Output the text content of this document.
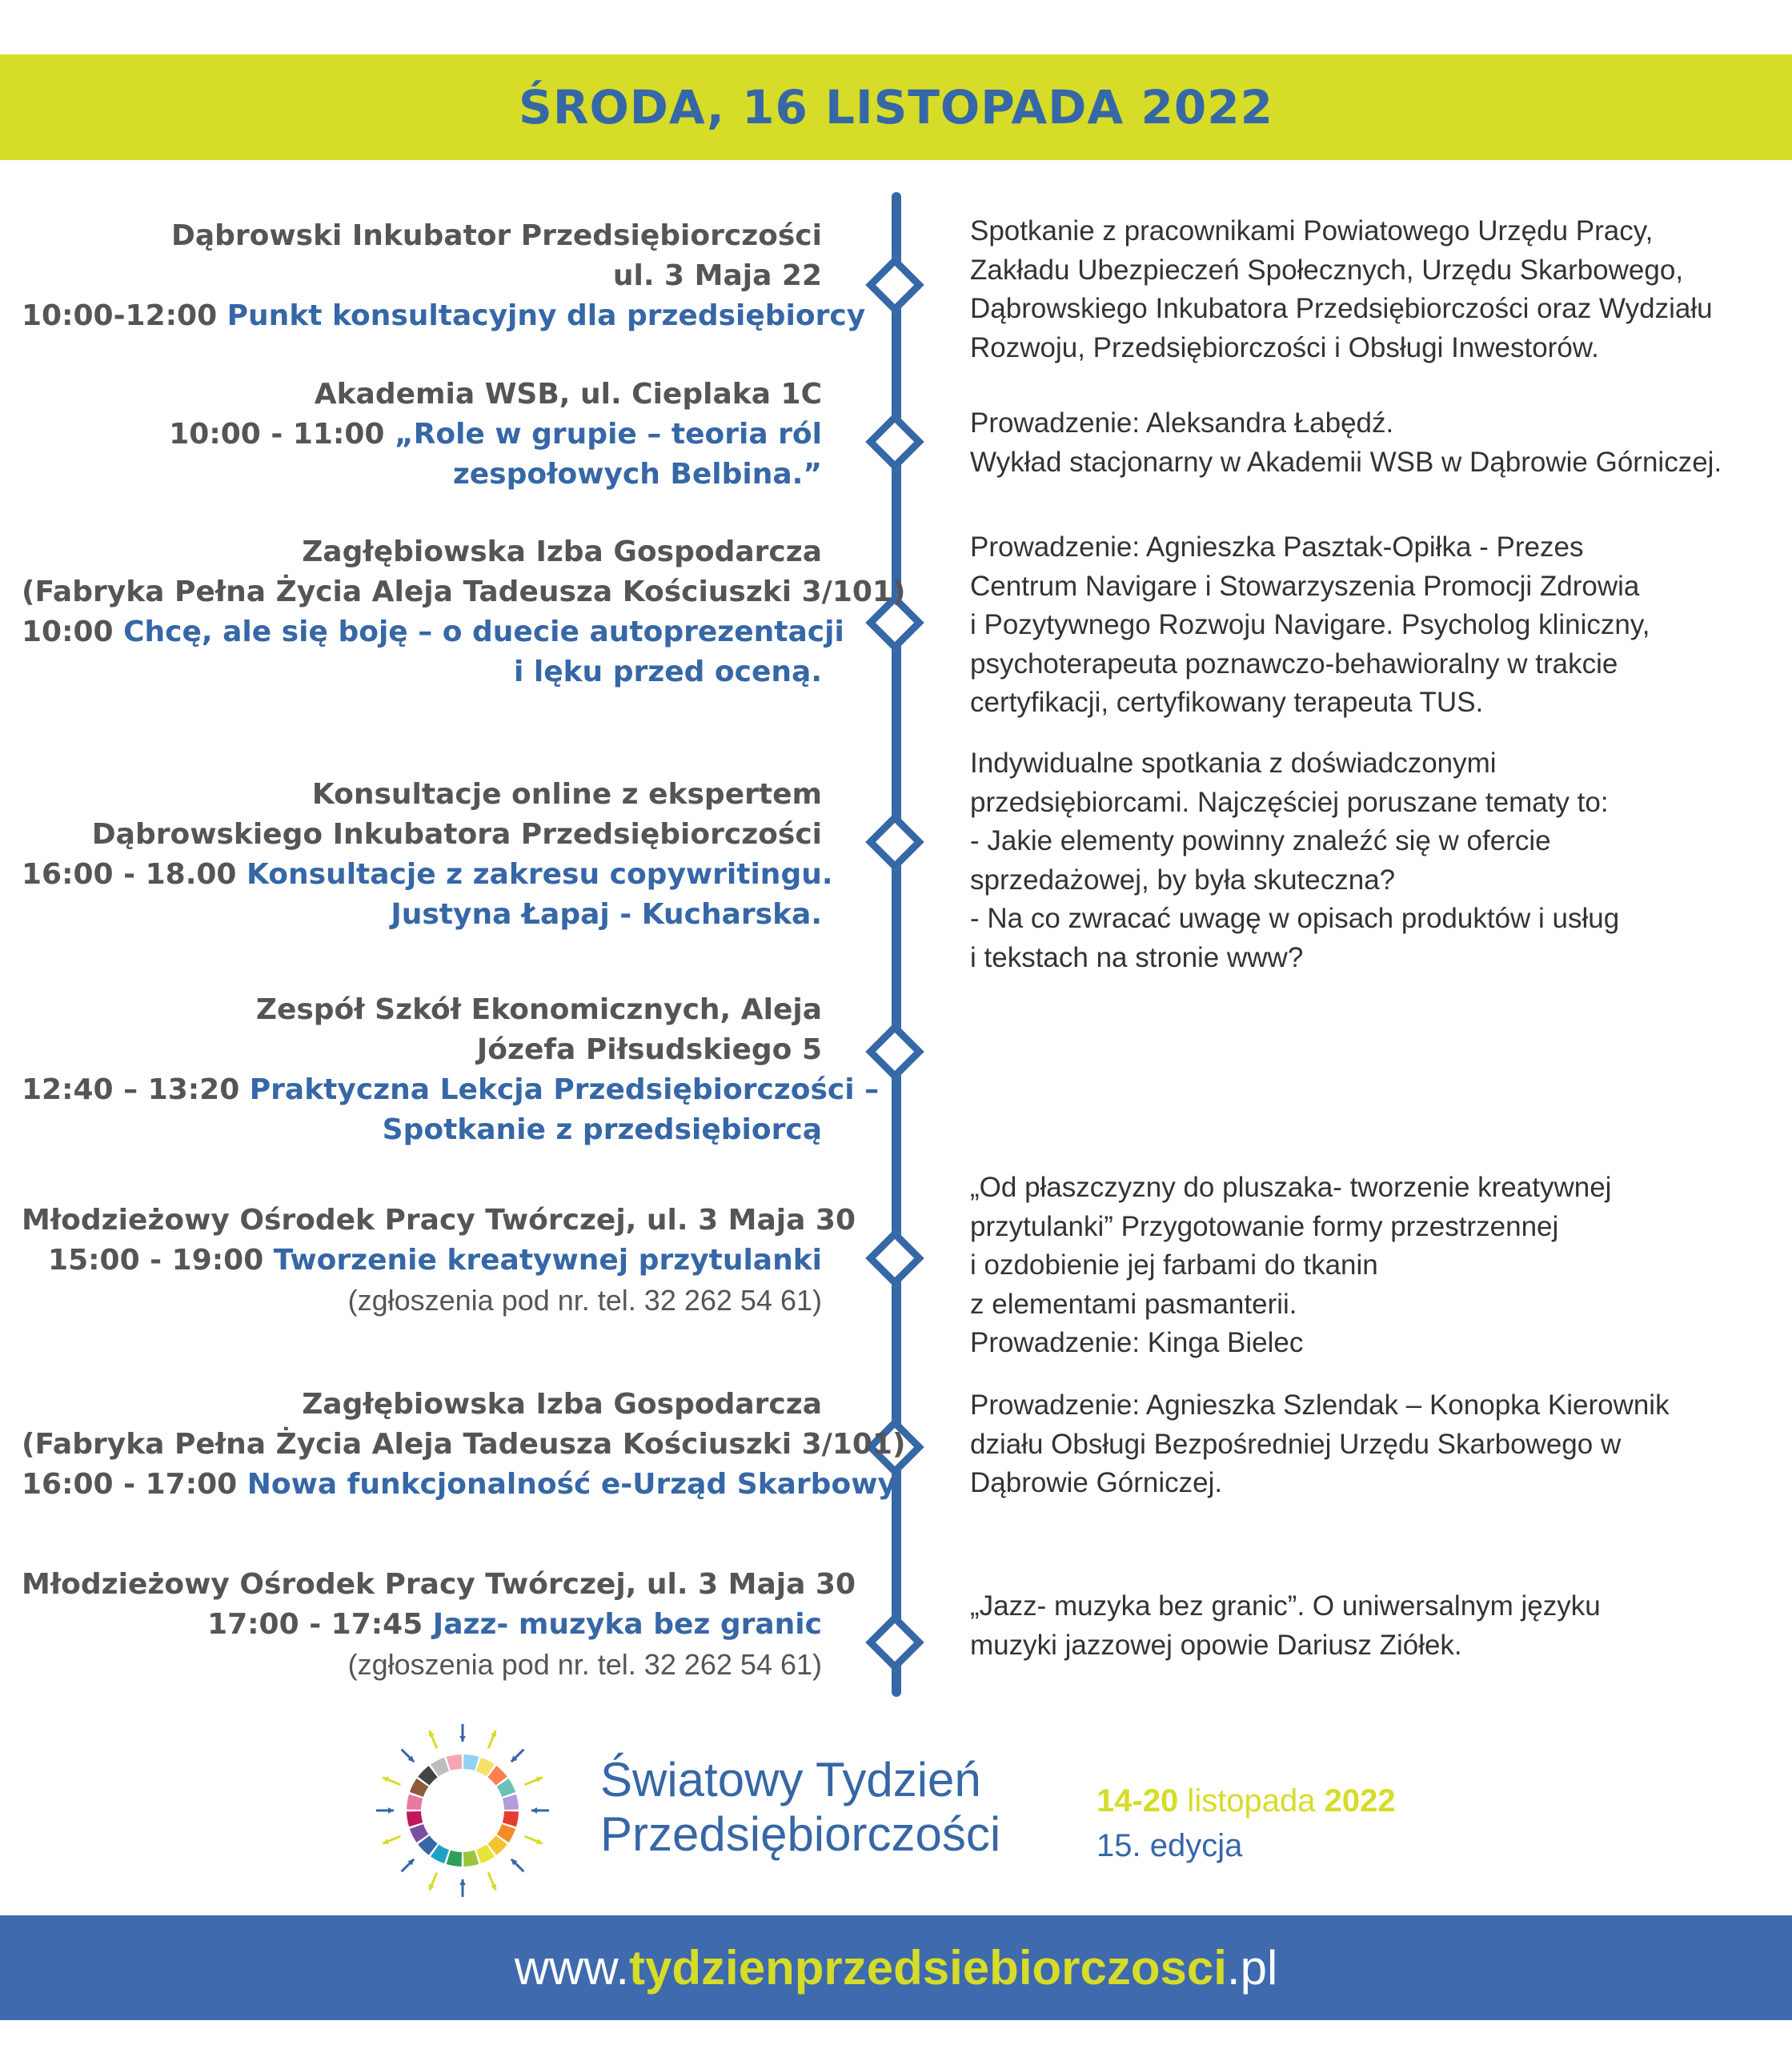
ŚRODA, 16 LISTOPADA 2022
Dąbrowski Inkubator Przedsiębiorczości
ul. 3 Maja 22
10:00-12:00 Punkt konsultacyjny dla przedsiębiorcy
Spotkanie z pracownikami Powiatowego Urzędu Pracy,
Zakładu Ubezpieczeń Społecznych, Urzędu Skarbowego,
Dąbrowskiego Inkubatora Przedsiębiorczości oraz Wydziału
Rozwoju, Przedsiębiorczości i Obsługi Inwestorów.
Akademia WSB, ul. Cieplaka 1C
10:00 - 11:00 „Role w grupie – teoria ról
zespołowych Belbina.”
Prowadzenie: Aleksandra Łabędź.
Wykład stacjonarny w Akademii WSB w Dąbrowie Górniczej.
Zagłębiowska Izba Gospodarcza
(Fabryka Pełna Życia Aleja Tadeusza Kościuszki 3/101)
10:00 Chcę, ale się boję – o duecie autoprezentacji
i lęku przed oceną.
Prowadzenie: Agnieszka Pasztak-Opiłka - Prezes
Centrum Navigare i Stowarzyszenia Promocji Zdrowia
i Pozytywnego Rozwoju Navigare. Psycholog kliniczny,
psychoterapeuta poznawczo-behawioralny w trakcie
certyfikacji, certyfikowany terapeuta TUS.
Konsultacje online z ekspertem
Dąbrowskiego Inkubatora Przedsiębiorczości
16:00 - 18.00 Konsultacje z zakresu copywritingu.
Justyna Łapaj - Kucharska.
Indywidualne spotkania z doświadczonymi
przedsiębiorcami. Najczęściej poruszane tematy to:
- Jakie elementy powinny znaleźć się w ofercie
sprzedażowej, by była skuteczna?
- Na co zwracać uwagę w opisach produktów i usług
i tekstach na stronie www?
Zespół Szkół Ekonomicznych, Aleja
Józefa Piłsudskiego 5
12:40 – 13:20 Praktyczna Lekcja Przedsiębiorczości –
Spotkanie z przedsiębiorcą
Młodzieżowy Ośrodek Pracy Twórczej, ul. 3 Maja 30
15:00 - 19:00 Tworzenie kreatywnej przytulanki
(zgłoszenia pod nr. tel. 32 262 54 61)
„Od płaszczyzny do pluszaka- tworzenie kreatywnej
przytulanki” Przygotowanie formy przestrzennej
i ozdobienie jej farbami do tkanin
z elementami pasmanterii.
Prowadzenie: Kinga Bielec
Zagłębiowska Izba Gospodarcza
(Fabryka Pełna Życia Aleja Tadeusza Kościuszki 3/101)
16:00 - 17:00 Nowa funkcjonalność e-Urząd Skarbowy
Prowadzenie: Agnieszka Szlendak – Konopka Kierownik
działu Obsługi Bezpośredniej Urzędu Skarbowego w
Dąbrowie Górniczej.
Młodzieżowy Ośrodek Pracy Twórczej, ul. 3 Maja 30
17:00 - 17:45 Jazz- muzyka bez granic
(zgłoszenia pod nr. tel. 32 262 54 61)
„Jazz- muzyka bez granic”. O uniwersalnym języku
muzyki jazzowej opowie Dariusz Ziółek.
Światowy Tydzień
Przedsiębiorczości
14-20 listopada 2022
15. edycja
www.tydzienprzedsiebiorczosci.pl
